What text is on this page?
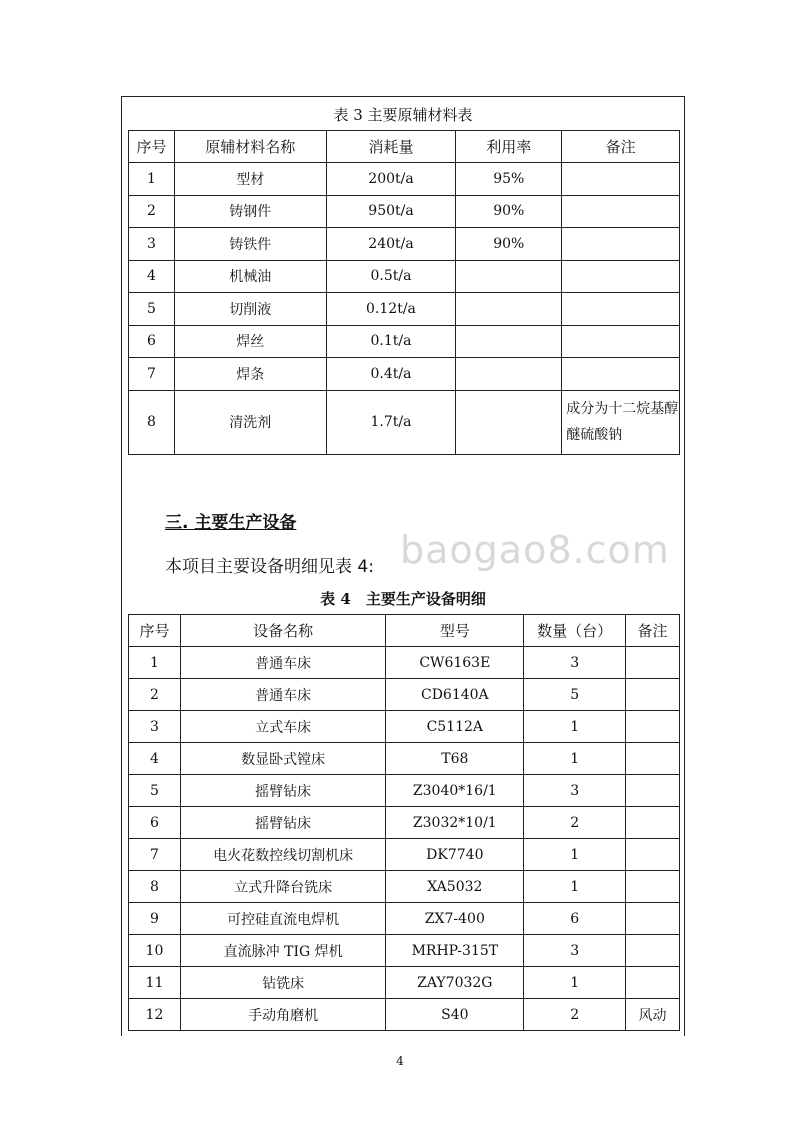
表 3 主要原辅材料表
序号	原辅材料名称	消耗量	利用率	备注
1	型材	200t/a	95%	
2	铸钢件	950t/a	90%	
3	铸铁件	240t/a	90%	
4	机械油	0.5t/a		
5	切削液	0.12t/a		
6	焊丝	0.1t/a		
7	焊条	0.4t/a		
8	清洗剂	1.7t/a		成分为十二烷基醇醚硫酸钠
baogao8.com
三. 主要生产设备
本项目主要设备明细见表 4:
表 4　主要生产设备明细
序号	设备名称	型号	数量（台）	备注
1	普通车床	CW6163E	3	
2	普通车床	CD6140A	5	
3	立式车床	C5112A	1	
4	数显卧式镗床	T68	1	
5	摇臂钻床	Z3040*16/1	3	
6	摇臂钻床	Z3032*10/1	2	
7	电火花数控线切割机床	DK7740	1	
8	立式升降台铣床	XA5032	1	
9	可控硅直流电焊机	ZX7-400	6	
10	直流脉冲 TIG 焊机	MRHP-315T	3	
11	钻铣床	ZAY7032G	1	
12	手动角磨机	S40	2	风动
4
